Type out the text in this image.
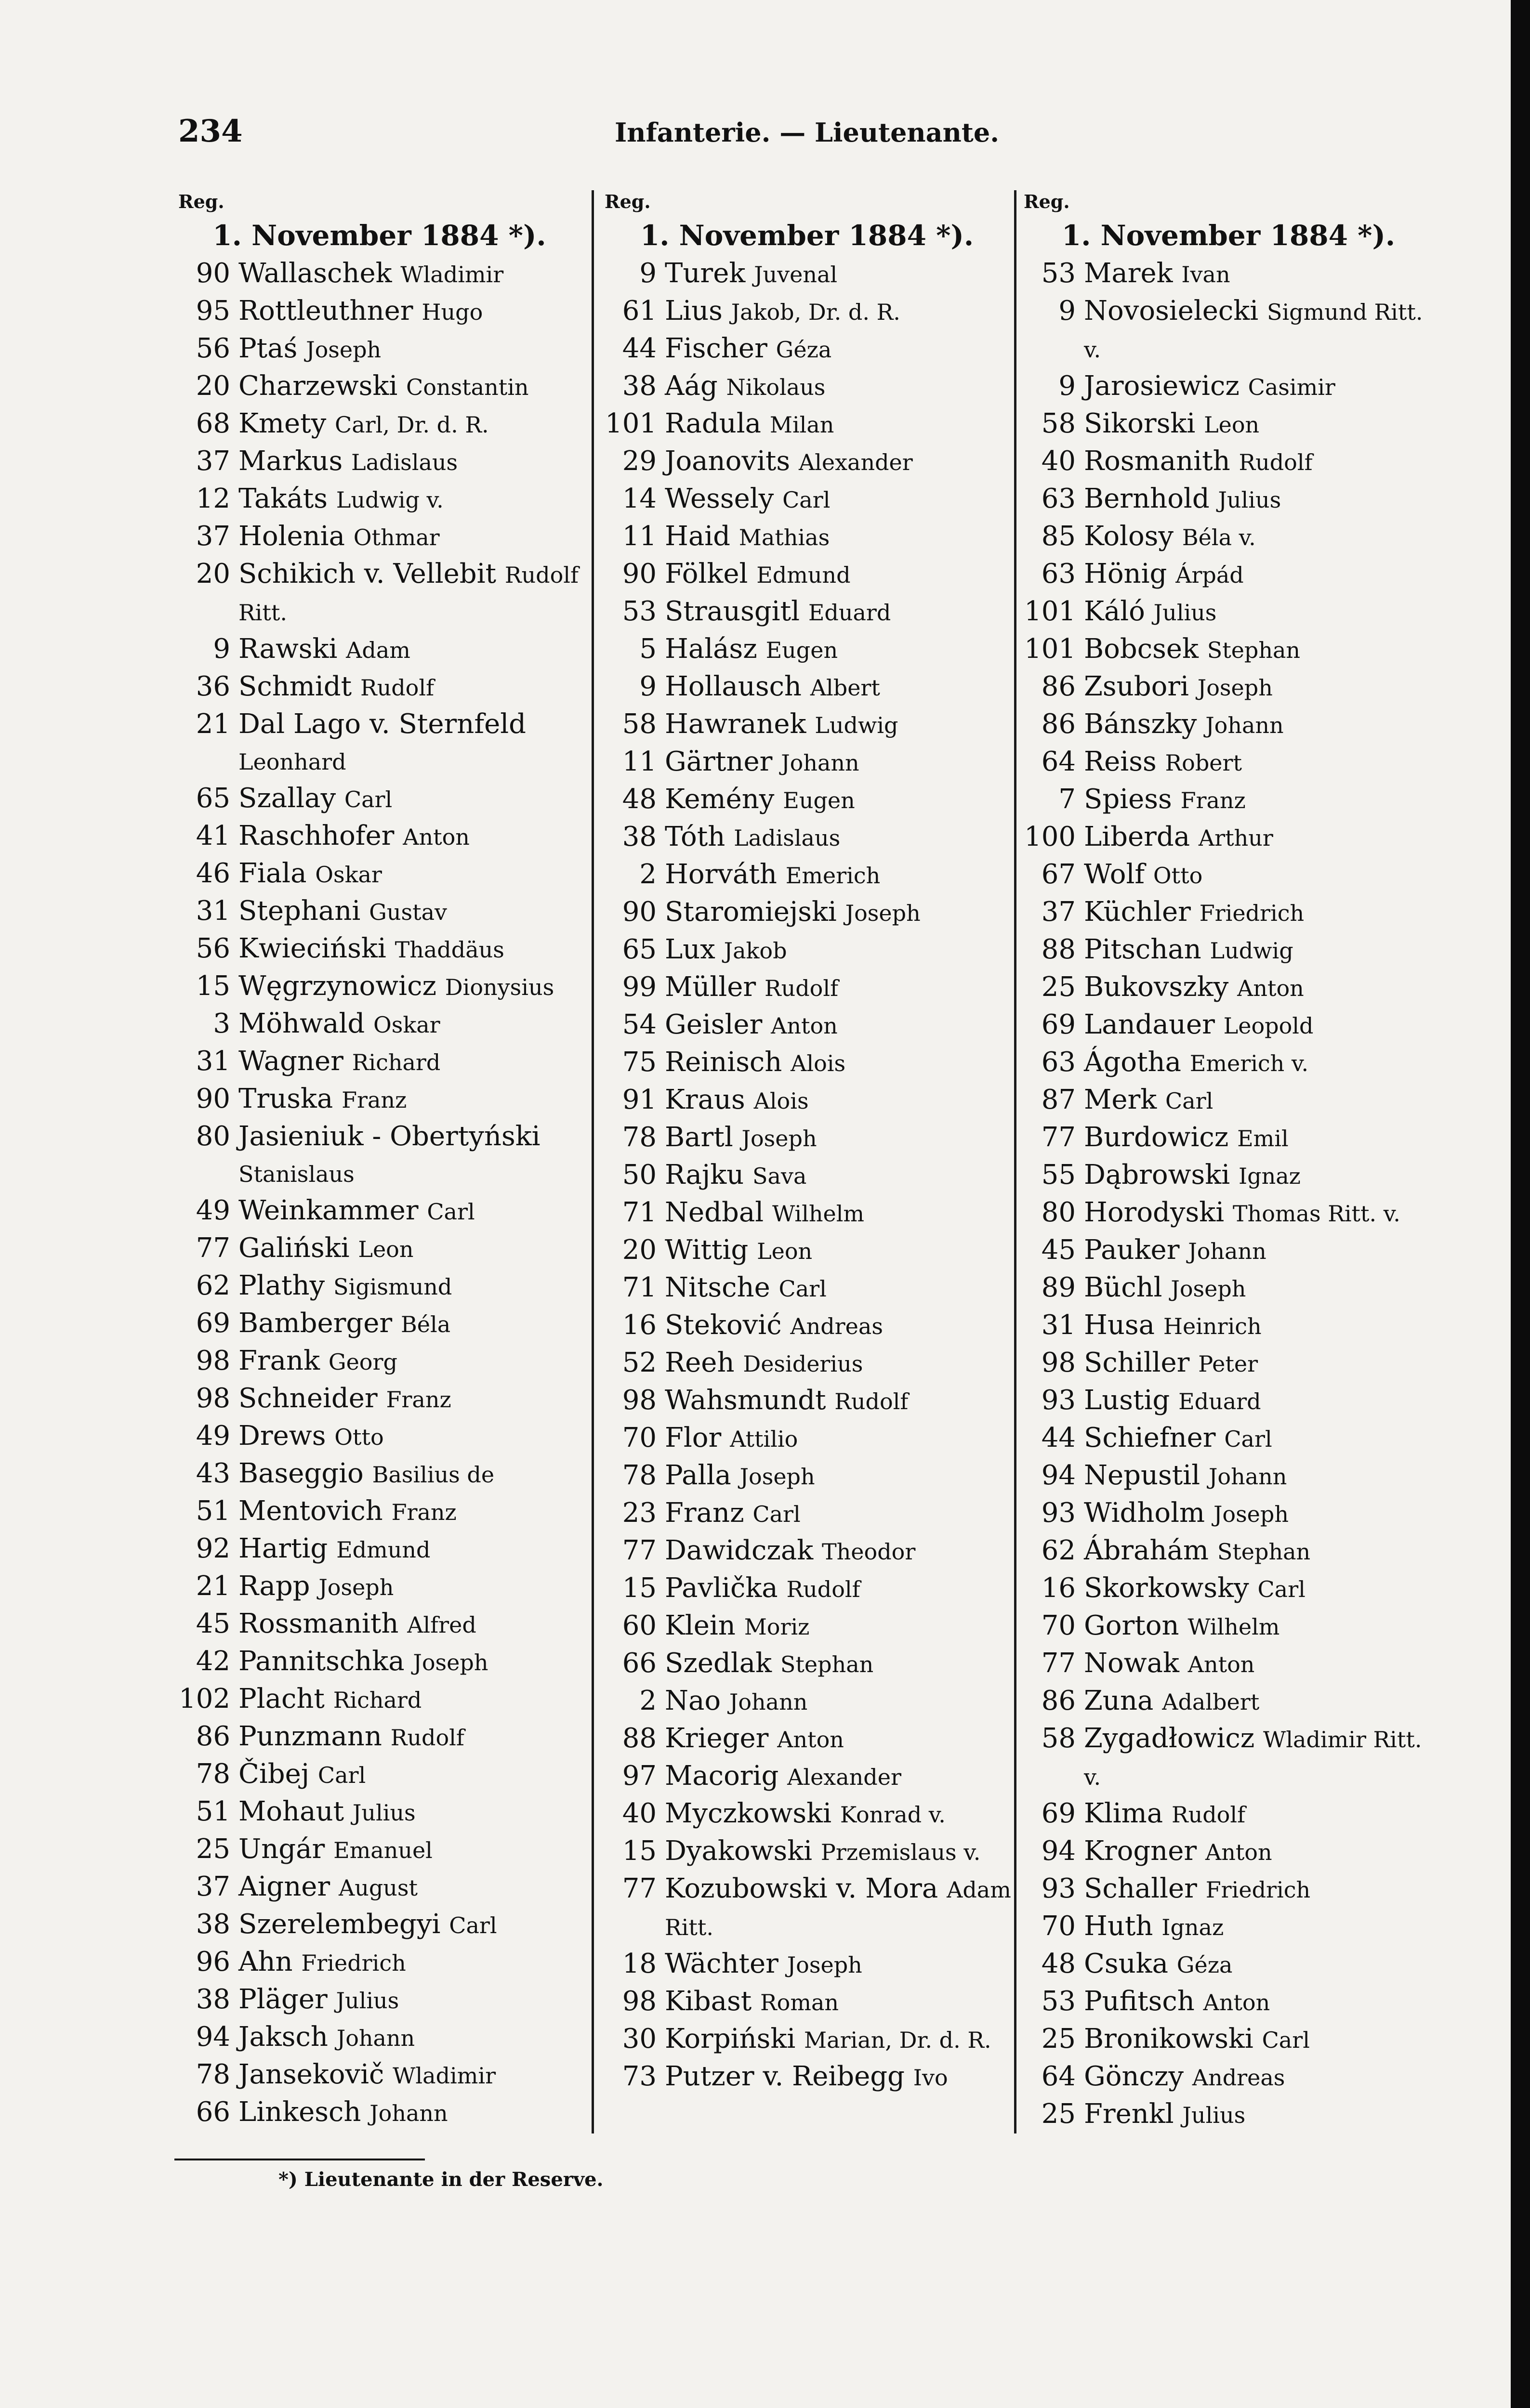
234	Infanterie. — Lieutenante.
Reg.
1. November 1884 *).
90 Wallaschek Wladimir
95 Rottleuthner Hugo
56 Ptaś Joseph
20 Charzewski Constantin
68 Kmety Carl, Dr. d. R.
37 Markus Ladislaus
12 Takáts Ludwig v.
37 Holenia Othmar
20 Schikich v. Vellebit Rudolf Ritt.
9 Rawski Adam
36 Schmidt Rudolf
21 Dal Lago v. Sternfeld Leonhard
65 Szallay Carl
41 Raschhofer Anton
46 Fiala Oskar
31 Stephani Gustav
56 Kwieciński Thaddäus
15 Węgrzynowicz Dionysius
3 Möhwald Oskar
31 Wagner Richard
90 Truska Franz
80 Jasieniuk - Obertyński Stanislaus
49 Weinkammer Carl
77 Galiński Leon
62 Plathy Sigismund
69 Bamberger Béla
98 Frank Georg
98 Schneider Franz
49 Drews Otto
43 Baseggio Basilius de
51 Mentovich Franz
92 Hartig Edmund
21 Rapp Joseph
45 Rossmanith Alfred
42 Pannitschka Joseph
102 Placht Richard
86 Punzmann Rudolf
78 Čibej Carl
51 Mohaut Julius
25 Ungár Emanuel
37 Aigner August
38 Szerelembegyi Carl
96 Ahn Friedrich
38 Pläger Julius
94 Jaksch Johann
78 Jansekovič Wladimir
66 Linkesch Johann
Reg.
1. November 1884 *).
9 Turek Juvenal
61 Lius Jakob, Dr. d. R.
44 Fischer Géza
38 Aág Nikolaus
101 Radula Milan
29 Joanovits Alexander
14 Wessely Carl
11 Haid Mathias
90 Fölkel Edmund
53 Strausgitl Eduard
5 Halász Eugen
9 Hollausch Albert
58 Hawranek Ludwig
11 Gärtner Johann
48 Kemény Eugen
38 Tóth Ladislaus
2 Horváth Emerich
90 Staromiejski Joseph
65 Lux Jakob
99 Müller Rudolf
54 Geisler Anton
75 Reinisch Alois
91 Kraus Alois
78 Bartl Joseph
50 Rajku Sava
71 Nedbal Wilhelm
20 Wittig Leon
71 Nitsche Carl
16 Steković Andreas
52 Reeh Desiderius
98 Wahsmundt Rudolf
70 Flor Attilio
78 Palla Joseph
23 Franz Carl
77 Dawidczak Theodor
15 Pavlička Rudolf
60 Klein Moriz
66 Szedlak Stephan
2 Nao Johann
88 Krieger Anton
97 Macorig Alexander
40 Myczkowski Konrad v.
15 Dyakowski Przemislaus v.
77 Kozubowski v. Mora Adam Ritt.
18 Wächter Joseph
98 Kibast Roman
30 Korpiński Marian, Dr. d. R.
73 Putzer v. Reibegg Ivo
Reg.
1. November 1884 *).
53 Marek Ivan
9 Novosielecki Sigmund Ritt. v.
9 Jarosiewicz Casimir
58 Sikorski Leon
40 Rosmanith Rudolf
63 Bernhold Julius
85 Kolosy Béla v.
63 Hönig Árpád
101 Káló Julius
101 Bobcsek Stephan
86 Zsubori Joseph
86 Bánszky Johann
64 Reiss Robert
7 Spiess Franz
100 Liberda Arthur
67 Wolf Otto
37 Küchler Friedrich
88 Pitschan Ludwig
25 Bukovszky Anton
69 Landauer Leopold
63 Ágotha Emerich v.
87 Merk Carl
77 Burdowicz Emil
55 Dąbrowski Ignaz
80 Horodyski Thomas Ritt. v.
45 Pauker Johann
89 Büchl Joseph
31 Husa Heinrich
98 Schiller Peter
93 Lustig Eduard
44 Schiefner Carl
94 Nepustil Johann
93 Widholm Joseph
62 Ábrahám Stephan
16 Skorkowsky Carl
70 Gorton Wilhelm
77 Nowak Anton
86 Zuna Adalbert
58 Zygadłowicz Wladimir Ritt. v.
69 Klima Rudolf
94 Krogner Anton
93 Schaller Friedrich
70 Huth Ignaz
48 Csuka Géza
53 Pufitsch Anton
25 Bronikowski Carl
64 Gönczy Andreas
25 Frenkl Julius
*) Lieutenante in der Reserve.
